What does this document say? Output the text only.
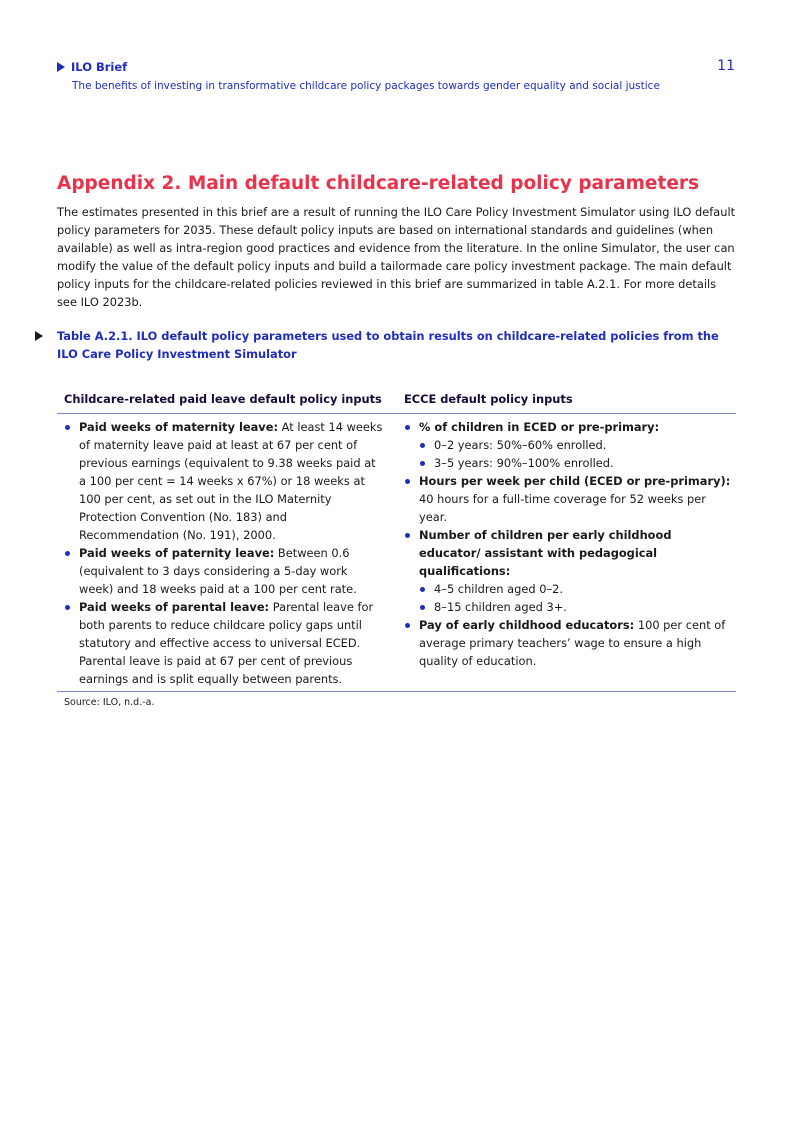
ILO Brief
The benefits of investing in transformative childcare policy packages towards gender equality and social justice
11
Appendix 2. Main default childcare-related policy parameters

The estimates presented in this brief are a result of running the ILO Care Policy Investment Simulator using ILO default policy parameters for 2035. These default policy inputs are based on international standards and guidelines (when available) as well as intra-region good practices and evidence from the literature. In the online Simulator, the user can modify the value of the default policy inputs and build a tailormade care policy investment package. The main default policy inputs for the childcare-related policies reviewed in this brief are summarized in table A.2.1. For more details see ILO 2023b.

Table A.2.1. ILO default policy parameters used to obtain results on childcare-related policies from the ILO Care Policy Investment Simulator

Childcare-related paid leave default policy inputs	ECCE default policy inputs
Paid weeks of maternity leave: At least 14 weeks of maternity leave paid at least at 67 per cent of previous earnings (equivalent to 9.38 weeks paid at a 100 per cent = 14 weeks x 67%) or 18 weeks at 100 per cent, as set out in the ILO Maternity Protection Convention (No. 183) and Recommendation (No. 191), 2000.
Paid weeks of paternity leave: Between 0.6 (equivalent to 3 days considering a 5-day work week) and 18 weeks paid at a 100 per cent rate.
Paid weeks of parental leave: Parental leave for both parents to reduce childcare policy gaps until statutory and effective access to universal ECED. Parental leave is paid at 67 per cent of previous earnings and is split equally between parents.
% of children in ECED or pre-primary:
0–2 years: 50%–60% enrolled.
3–5 years: 90%–100% enrolled.
Hours per week per child (ECED or pre-primary): 40 hours for a full-time coverage for 52 weeks per year.
Number of children per early childhood educator/ assistant with pedagogical qualifications:
4–5 children aged 0–2.
8–15 children aged 3+.
Pay of early childhood educators: 100 per cent of average primary teachers’ wage to ensure a high quality of education.
Source: ILO, n.d.-a.
